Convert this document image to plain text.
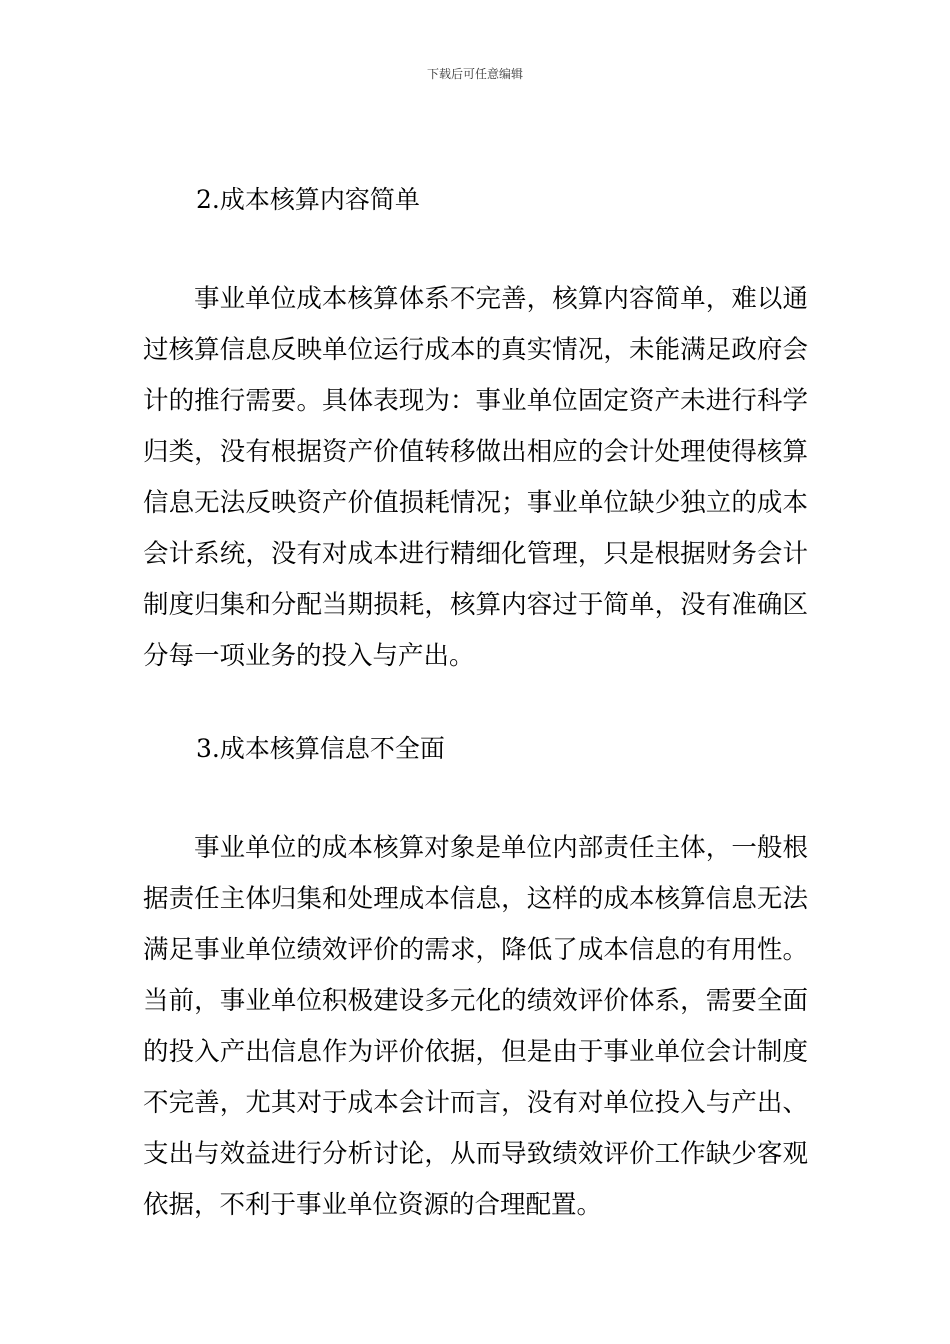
下载后可任意编辑
2.成本核算内容简单

事业单位成本核算体系不完善，核算内容简单，难以通过核算信息反映单位运行成本的真实情况，未能满足政府会计的推行需要。具体表现为：事业单位固定资产未进行科学归类，没有根据资产价值转移做出相应的会计处理使得核算信息无法反映资产价值损耗情况；事业单位缺少独立的成本会计系统，没有对成本进行精细化管理，只是根据财务会计制度归集和分配当期损耗，核算内容过于简单，没有准确区分每一项业务的投入与产出。

3.成本核算信息不全面

事业单位的成本核算对象是单位内部责任主体，一般根据责任主体归集和处理成本信息，这样的成本核算信息无法满足事业单位绩效评价的需求，降低了成本信息的有用性。当前，事业单位积极建设多元化的绩效评价体系，需要全面的投入产出信息作为评价依据，但是由于事业单位会计制度不完善，尤其对于成本会计而言，没有对单位投入与产出、支出与效益进行分析讨论，从而导致绩效评价工作缺少客观依据，不利于事业单位资源的合理配置。
